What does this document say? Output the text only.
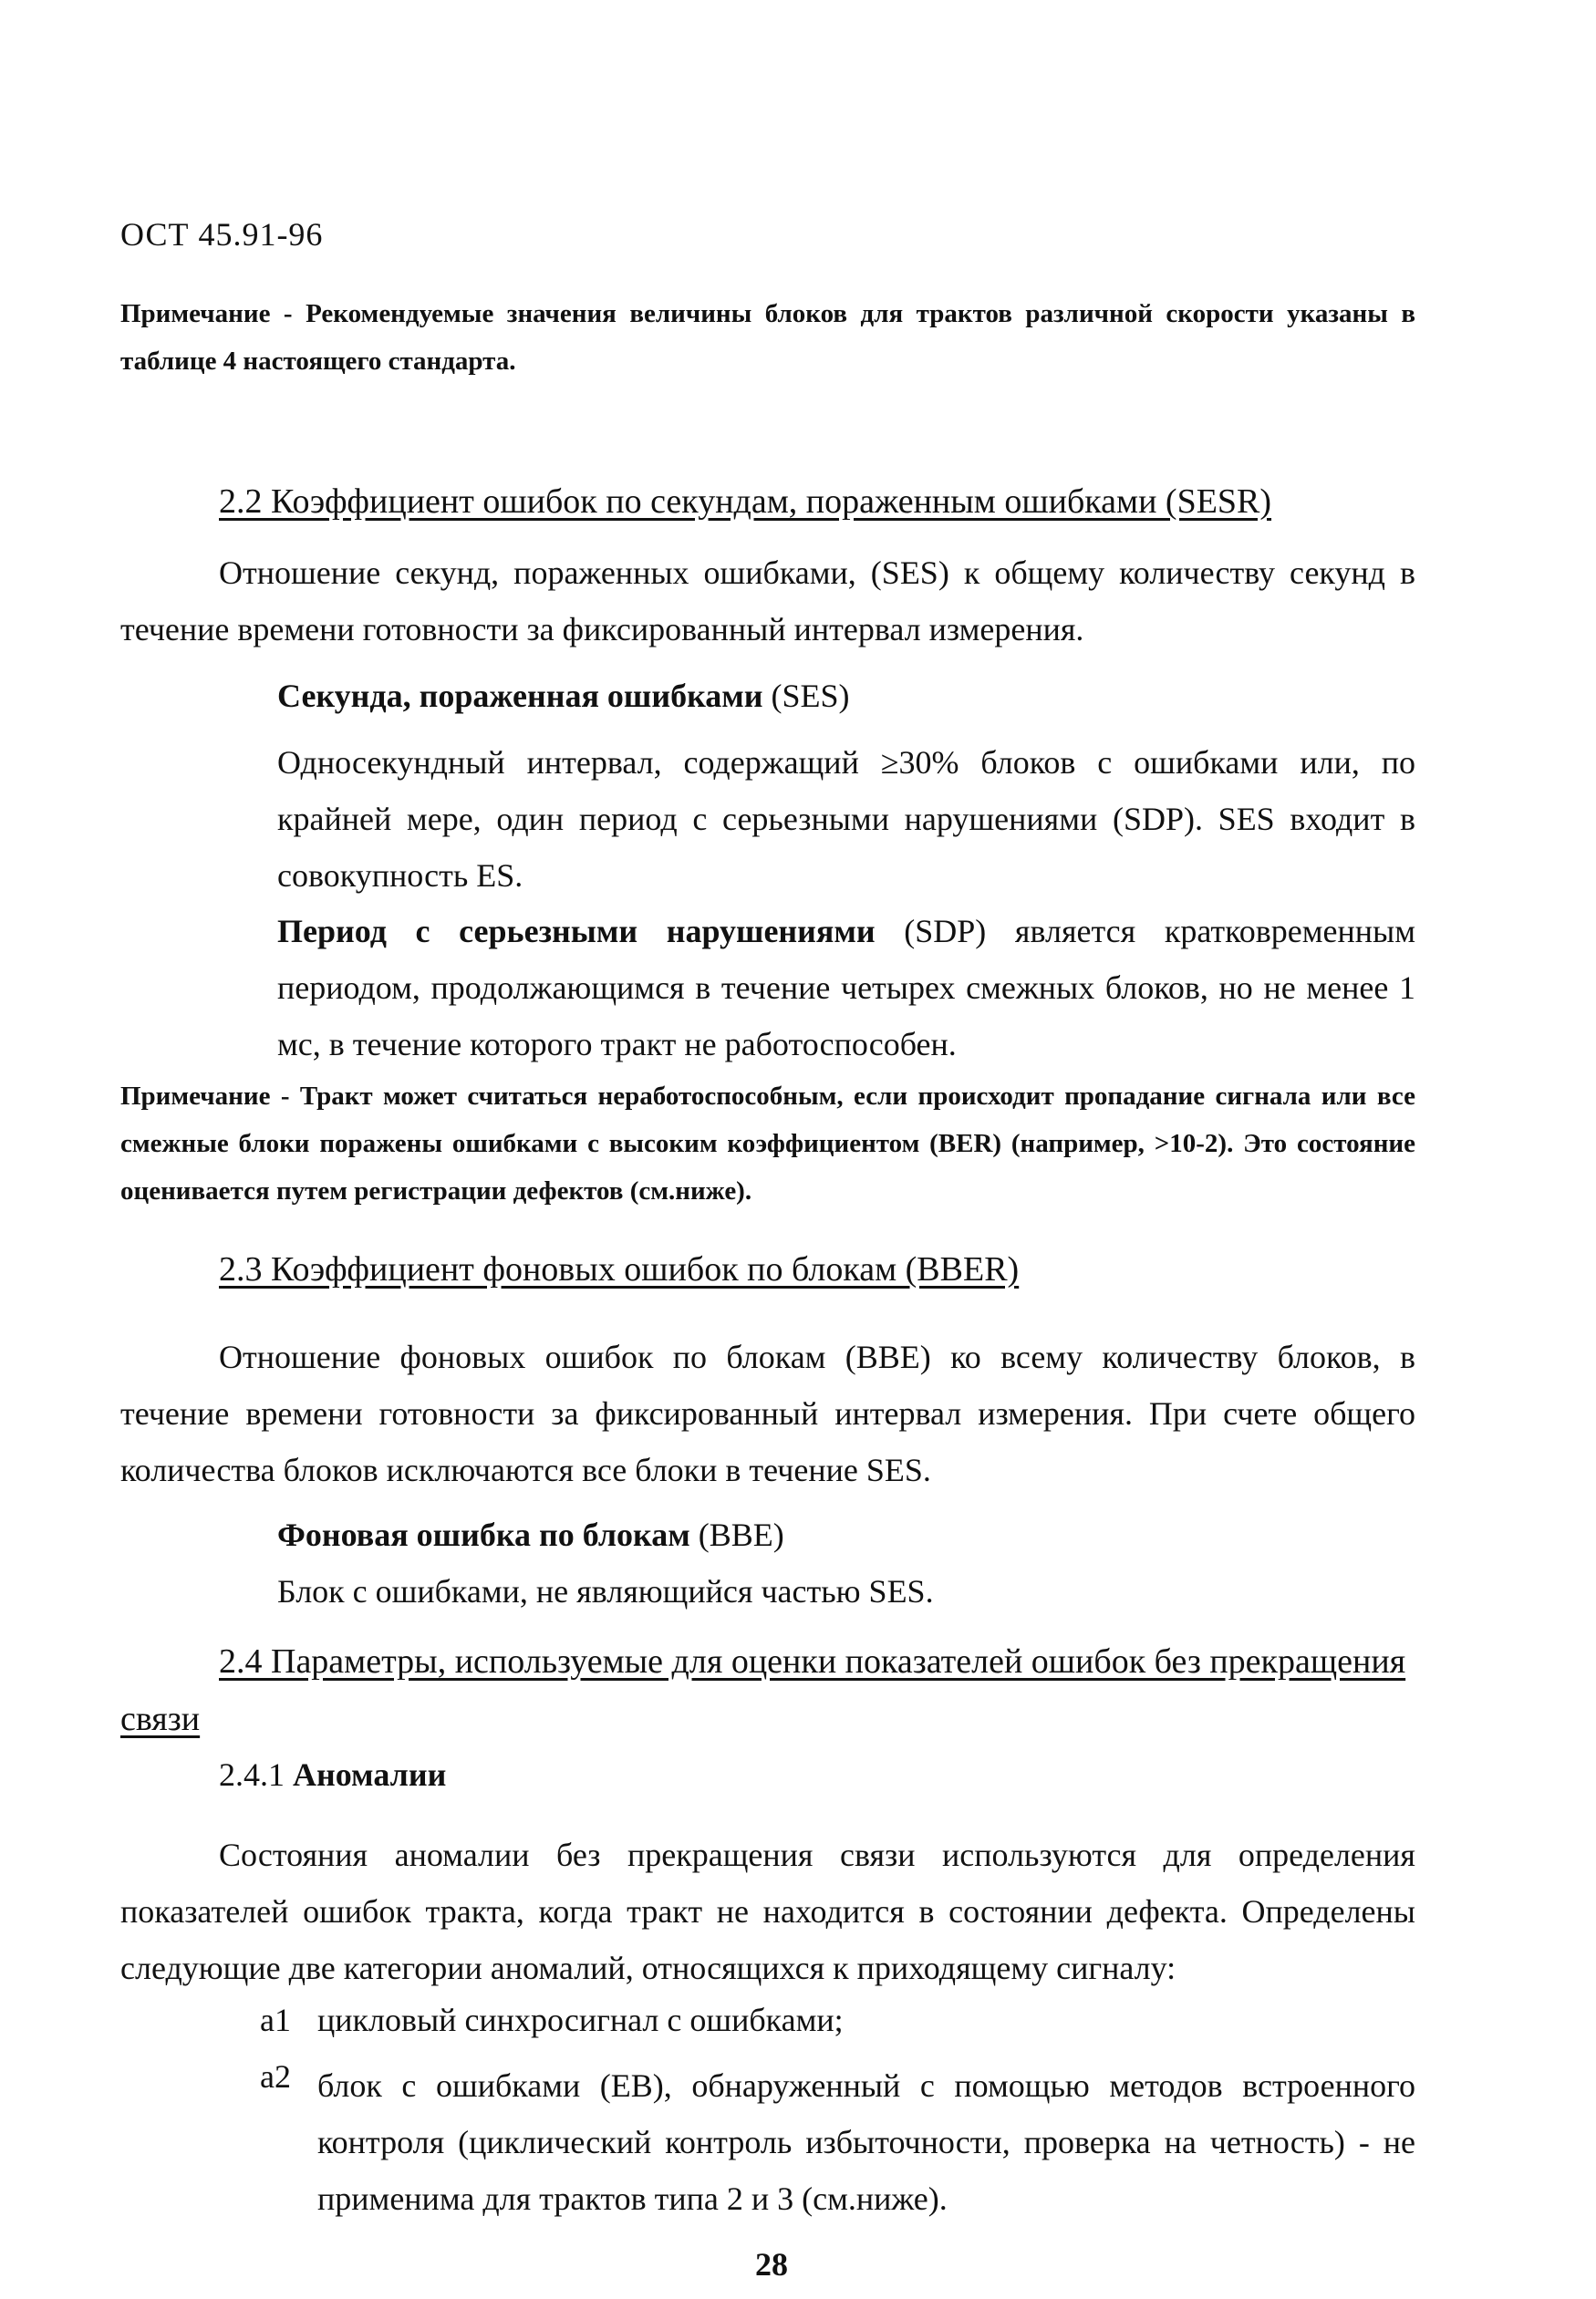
ОСТ 45.91-96
Примечание - Рекомендуемые значения величины блоков для трактов различной скорости указаны в таблице 4 настоящего стандарта.
2.2 Коэффициент ошибок по секундам, пораженным ошибками (SESR)
Отношение секунд, пораженных ошибками, (SES) к общему количеству секунд в течение времени готовности за фиксированный интервал измерения.
Секунда, пораженная ошибками (SES)
Односекундный интервал, содержащий ≥30% блоков с ошибками или, по крайней мере, один период с серьезными нарушениями (SDP). SES входит в совокупность ES.
Период с серьезными нарушениями (SDP) является кратковременным периодом, продолжающимся в течение четырех смежных блоков, но не менее 1 мс, в течение которого тракт не работоспособен.
Примечание - Тракт может считаться неработоспособным, если происходит пропадание сигнала или все смежные блоки поражены ошибками с высоким коэффициентом (BER) (например, >10-2). Это состояние оценивается путем регистрации дефектов (см.ниже).
2.3 Коэффициент фоновых ошибок по блокам (BBER)
Отношение фоновых ошибок по блокам (BBE) ко всему количеству блоков, в течение времени готовности за фиксированный интервал измерения. При счете общего количества блоков исключаются все блоки в течение SES.
Фоновая ошибка по блокам (BBE)
Блок с ошибками, не являющийся частью SES.
2.4 Параметры, используемые для оценки показателей ошибок без прекращения
связи
2.4.1 Аномалии
Состояния аномалии без прекращения связи используются для определения показателей ошибок тракта, когда тракт не находится в состоянии дефекта. Определены следующие две категории аномалий, относящихся к приходящему сигналу:
a1 цикловый синхросигнал с ошибками;
a2 блок с ошибками (EB), обнаруженный с помощью методов встроенного контроля (циклический контроль избыточности, проверка на четность) - не применима для трактов типа 2 и 3 (см.ниже).
28
